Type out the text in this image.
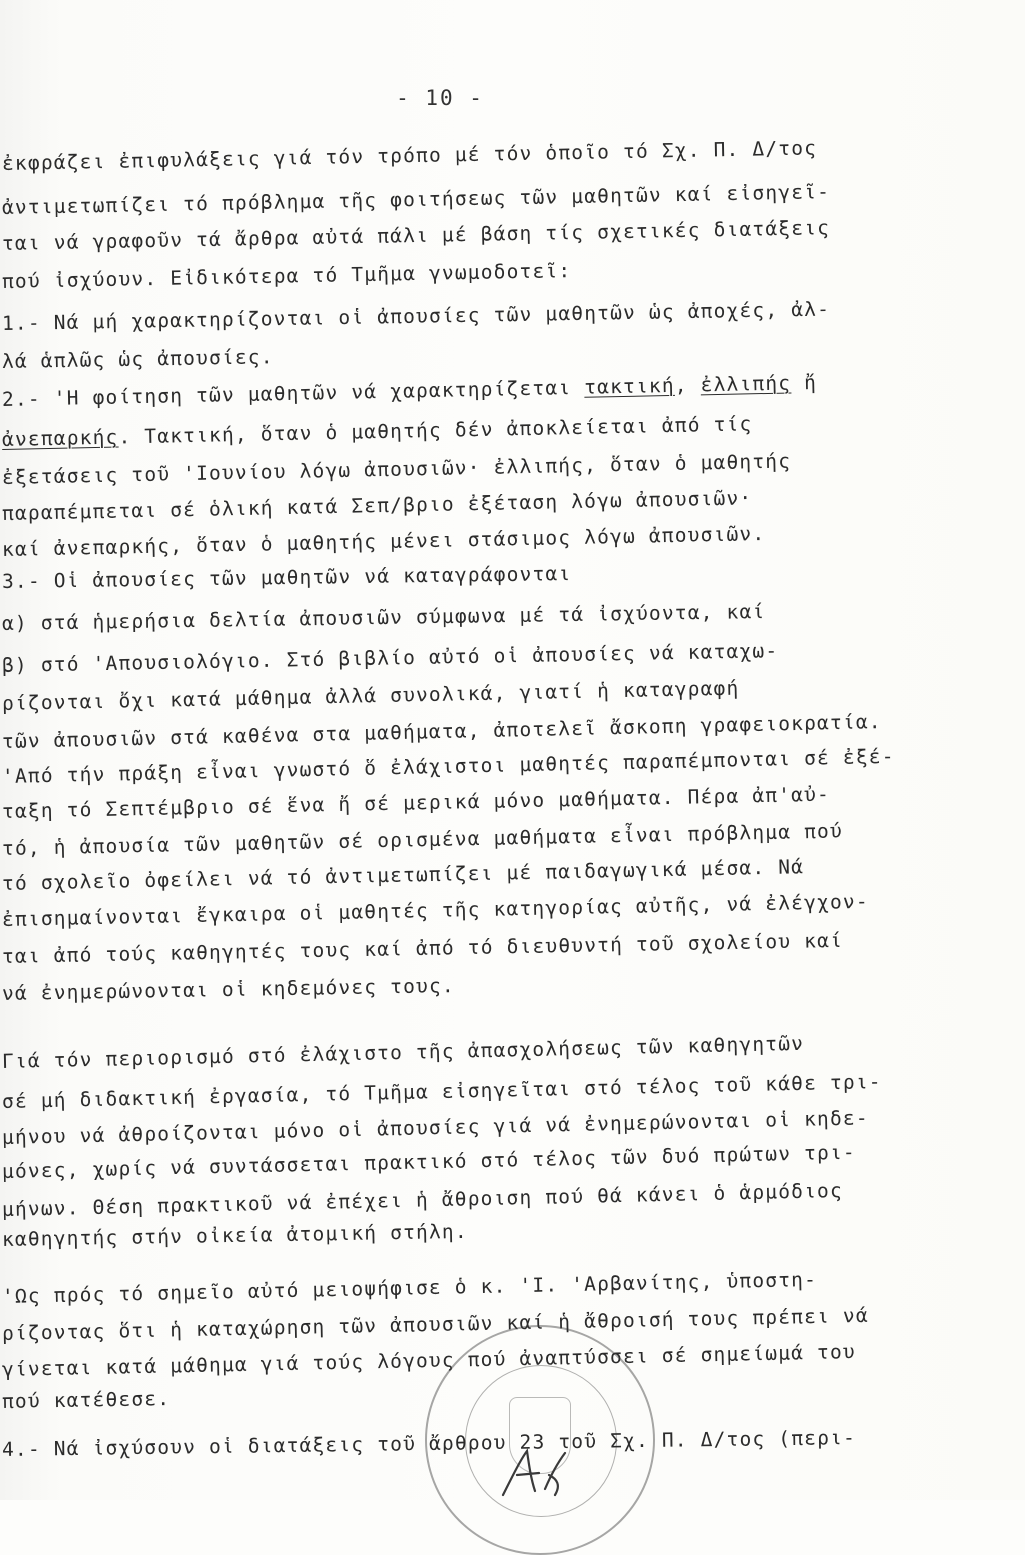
- 10 -
ἐκφράζει ἐπιφυλάξεις γιά τόν τρόπο μέ τόν ὁποῖο τό Σχ. Π. Δ/τος
ἀντιμετωπίζει τό πρόβλημα τῆς φοιτήσεως τῶν μαθητῶν καί εἰσηγεῖ-
ται νά γραφοῦν τά ἄρθρα αὐτά πάλι μέ βάση τίς σχετικές διατάξεις
πού ἰσχύουν. Εἰδικότερα τό Τμῆμα γνωμοδοτεῖ:
1.- Νά μή χαρακτηρίζονται οἱ ἀπουσίες τῶν μαθητῶν ὡς ἀποχές, ἀλ-
λά ἁπλῶς ὡς ἀπουσίες.
2.- 'Η φοίτηση τῶν μαθητῶν νά χαρακτηρίζεται τακτική, ἐλλιπής ἤ
ἀνεπαρκής. Τακτική, ὅταν ὁ μαθητής δέν ἀποκλείεται ἀπό τίς
ἐξετάσεις τοῦ 'Ιουνίου λόγω ἀπουσιῶν· ἐλλιπής, ὅταν ὁ μαθητής
παραπέμπεται σέ ὁλική κατά Σεπ/βριο ἐξέταση λόγω ἀπουσιῶν·
καί ἀνεπαρκής, ὅταν ὁ μαθητής μένει στάσιμος λόγω ἀπουσιῶν.
3.- Οἱ ἀπουσίες τῶν μαθητῶν νά καταγράφονται
α) στά ἡμερήσια δελτία ἀπουσιῶν σύμφωνα μέ τά ἰσχύοντα, καί
β) στό 'Απουσιολόγιο. Στό βιβλίο αὐτό οἱ ἀπουσίες νά καταχω-
ρίζονται ὄχι κατά μάθημα ἀλλά συνολικά, γιατί ἡ καταγραφή
τῶν ἀπουσιῶν στά καθένα στα μαθήματα, ἀποτελεῖ ἄσκοπη γραφειοκρατία.
'Από τήν πράξη εἶναι γνωστό ὅ ἐλάχιστοι μαθητές παραπέμπονται σέ ἐξέ-
ταξη τό Σεπτέμβριο σέ ἕνα ἤ σέ μερικά μόνο μαθήματα. Πέρα ἀπ'αὐ-
τό, ἡ ἀπουσία τῶν μαθητῶν σέ ορισμένα μαθήματα εἶναι πρόβλημα πού
τό σχολεῖο ὀφείλει νά τό ἀντιμετωπίζει μέ παιδαγωγικά μέσα. Νά
ἐπισημαίνονται ἔγκαιρα οἱ μαθητές τῆς κατηγορίας αὐτῆς, νά ἐλέγχον-
ται ἀπό τούς καθηγητές τους καί ἀπό τό διευθυντή τοῦ σχολείου καί
νά ἐνημερώνονται οἱ κηδεμόνες τους.
Γιά τόν περιορισμό στό ἐλάχιστο τῆς ἀπασχολήσεως τῶν καθηγητῶν
σέ μή διδακτική ἐργασία, τό Τμῆμα εἰσηγεῖται στό τέλος τοῦ κάθε τρι-
μήνου νά ἀθροίζονται μόνο οἱ ἀπουσίες γιά νά ἐνημερώνονται οἱ κηδε-
μόνες, χωρίς νά συντάσσεται πρακτικό στό τέλος τῶν δυό πρώτων τρι-
μήνων. Θέση πρακτικοῦ νά ἐπέχει ἡ ἄθροιση πού θά κάνει ὁ ἁρμόδιος
καθηγητής στήν οἰκεία ἀτομική στήλη.
'Ως πρός τό σημεῖο αὐτό μειοψήφισε ὁ κ. 'Ι. 'Αρβανίτης, ὑποστη-
ρίζοντας ὅτι ἡ καταχώρηση τῶν ἀπουσιῶν καί ἡ ἄθροισή τους πρέπει νά
γίνεται κατά μάθημα γιά τούς λόγους πού ἀναπτύσσει σέ σημείωμά του
πού κατέθεσε.
4.- Νά ἰσχύσουν οἱ διατάξεις τοῦ ἄρθρου 23 τοῦ Σχ. Π. Δ/τος (περι-
